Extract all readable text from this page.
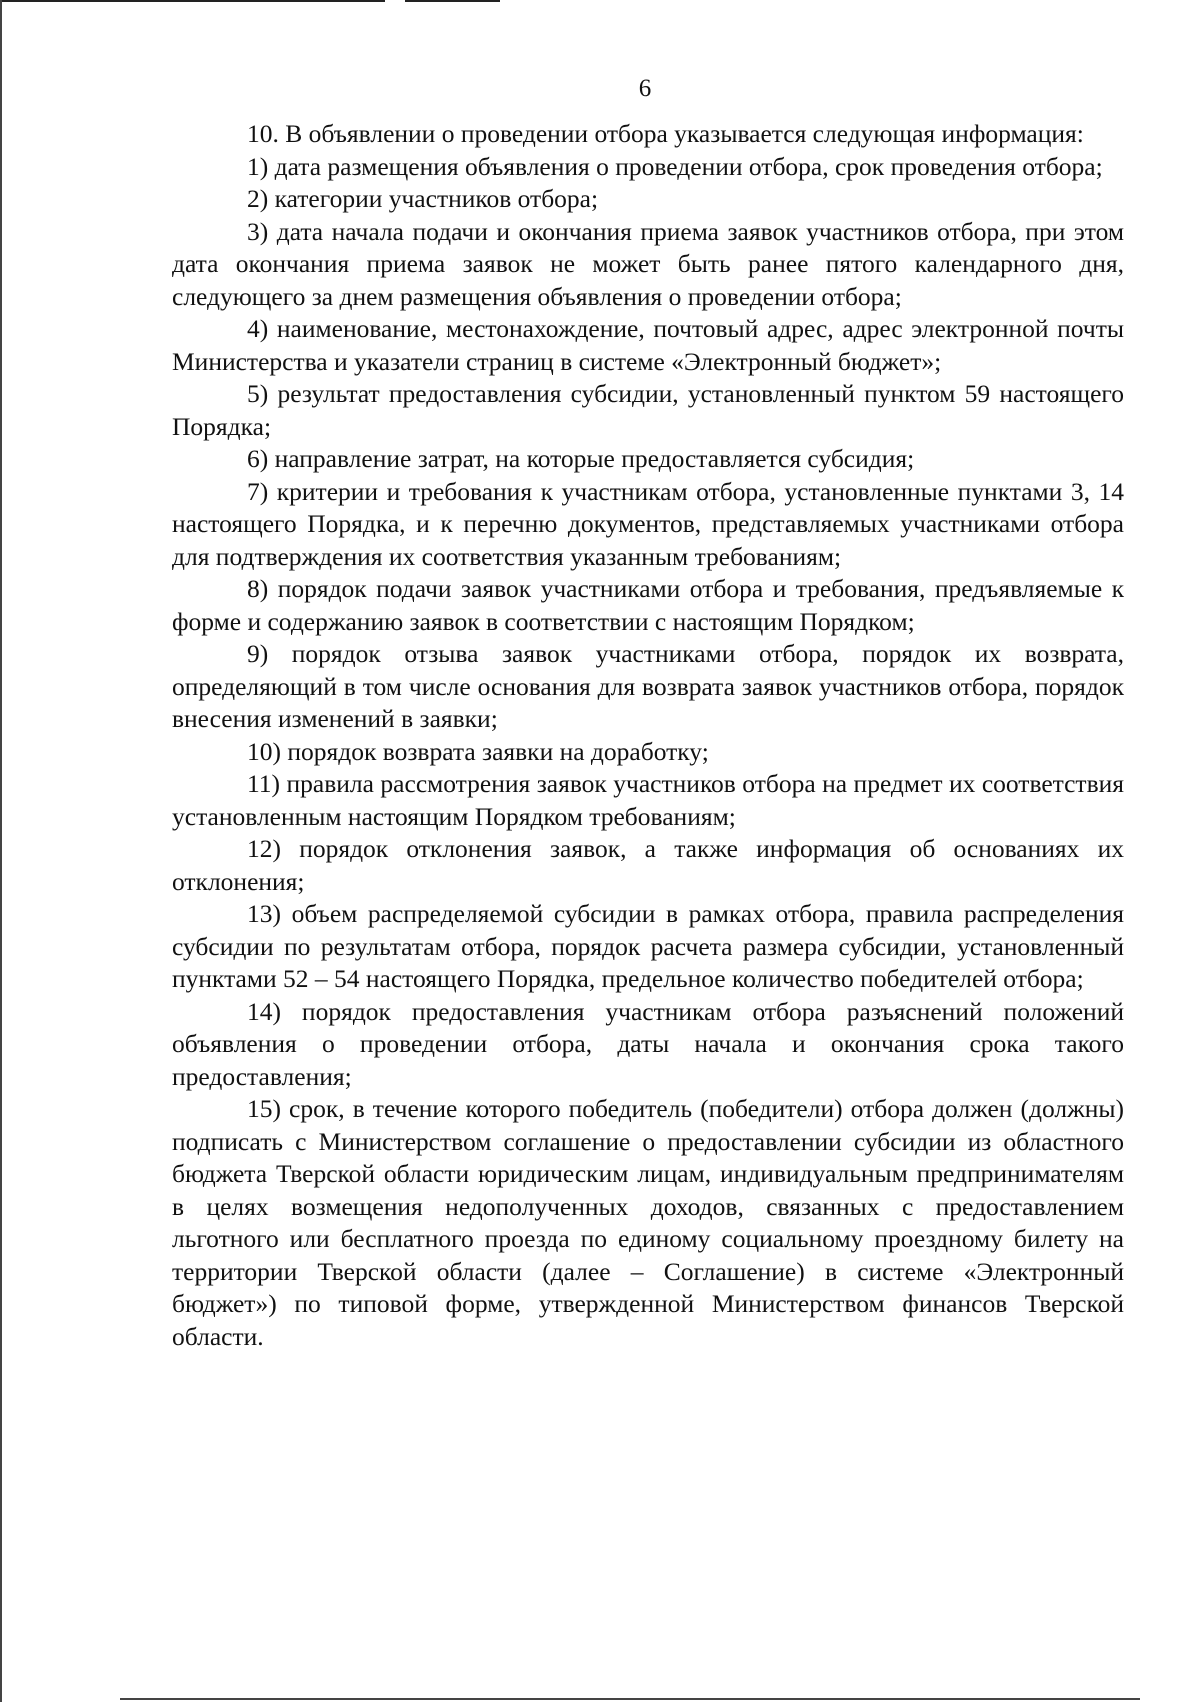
6

10. В объявлении о проведении отбора указывается следующая информация:

1) дата размещения объявления о проведении отбора, срок проведения отбора;

2) категории участников отбора;

3) дата начала подачи и окончания приема заявок участников отбора, при этом дата окончания приема заявок не может быть ранее пятого календарного дня, следующего за днем размещения объявления о проведении отбора;

4) наименование, местонахождение, почтовый адрес, адрес электронной почты Министерства и указатели страниц в системе «Электронный бюджет»;

5) результат предоставления субсидии, установленный пунктом 59 настоящего Порядка;

6) направление затрат, на которые предоставляется субсидия;

7) критерии и требования к участникам отбора, установленные пунктами 3, 14 настоящего Порядка, и к перечню документов, представляемых участниками отбора для подтверждения их соответствия указанным требованиям;

8) порядок подачи заявок участниками отбора и требования, предъявляемые к форме и содержанию заявок в соответствии с настоящим Порядком;

9) порядок отзыва заявок участниками отбора, порядок их возврата, определяющий в том числе основания для возврата заявок участников отбора, порядок внесения изменений в заявки;

10) порядок возврата заявки на доработку;

11) правила рассмотрения заявок участников отбора на предмет их соответствия установленным настоящим Порядком требованиям;

12) порядок отклонения заявок, а также информация об основаниях их отклонения;

13) объем распределяемой субсидии в рамках отбора, правила распределения субсидии по результатам отбора, порядок расчета размера субсидии, установленный пунктами 52 – 54 настоящего Порядка, предельное количество победителей отбора;

14) порядок предоставления участникам отбора разъяснений положений объявления о проведении отбора, даты начала и окончания срока такого предоставления;

15) срок, в течение которого победитель (победители) отбора должен (должны) подписать с Министерством соглашение о предоставлении субсидии из областного бюджета Тверской области юридическим лицам, индивидуальным предпринимателям в целях возмещения недополученных доходов, связанных с предоставлением льготного или бесплатного проезда по единому социальному проездному билету на территории Тверской области (далее – Соглашение) в системе «Электронный бюджет») по типовой форме, утвержденной Министерством финансов Тверской области.
